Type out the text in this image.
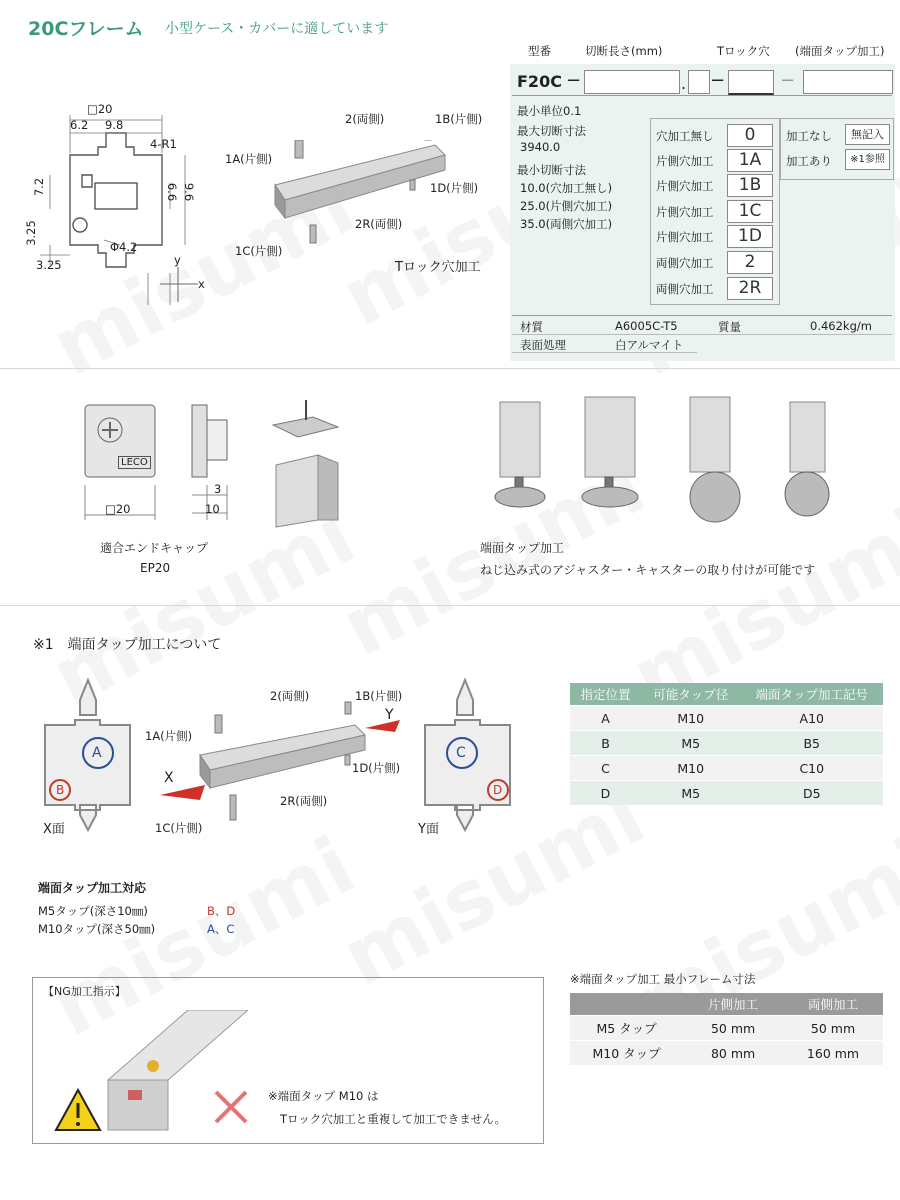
20Cフレーム 小型ケース・カバーに適しています
□20
6.2 9.8
4-R1
7.2	6.6 9.6
3.25
3.25
Φ4.2
y
x
2(両側)	1B(片側)
1A(片側)
1D(片側)
2R(両側)
1C(片側)
Tロック穴加工
型番	切断長さ(mm)	Tロック穴 (端面タップ加工)
F20C −	. −	−
最小単位0.1
最大切断寸法
3940.0
最小切断寸法
10.0(穴加工無し)
25.0(片側穴加工)
35.0(両側穴加工)
穴加工無し	0
片側穴加工	1A
片側穴加工	1B
片側穴加工	1C
片側穴加工	1D
両側穴加工	2
両側穴加工	2R
加工なし	無記入
加工あり	※1参照
材質	A6005C-T5	質量	0.462kg/m
表面処理	白アルマイト
LECO
□20
3
10
適合エンドキャップ
EP20
端面タップ加工
ねじ込み式のアジャスター・キャスターの取り付けが可能です
※1　端面タップ加工について
A
B
X面
2(両側)	1B(片側)
1A(片側)
1D(片側)
2R(両側)
1C(片側)
X
Y
C
D
Y面
指定位置	可能タップ径	端面タップ加工記号
A	M10	A10
B	M5	B5
C	M10	C10
D	M5	D5
端面タップ加工対応
M5タップ(深さ10㎜)	B、D
M10タップ(深さ50㎜)	A、C
【NG加工指示】
※端面タップ M10 は
Tロック穴加工と重複して加工できません。
※端面タップ加工 最小フレーム寸法
	片側加工	両側加工
M5 タップ	50 mm	50 mm
M10 タップ	80 mm	160 mm
